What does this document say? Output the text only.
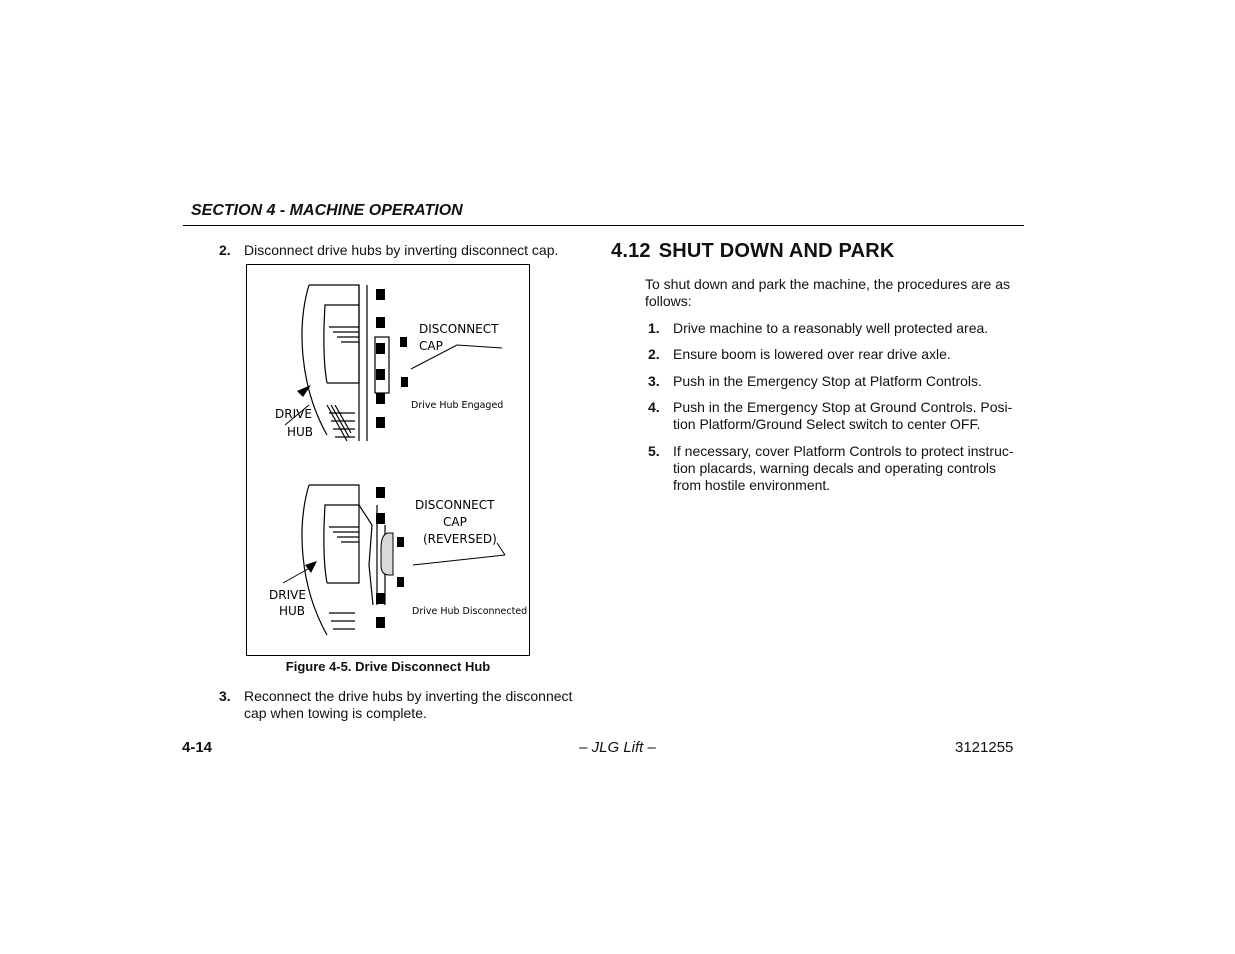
SECTION 4 - MACHINE OPERATION
2. Disconnect drive hubs by inverting disconnect cap.
DISCONNECT
CAP
DRIVE
HUB
Drive Hub Engaged
DISCONNECT
CAP
(REVERSED)
DRIVE
HUB	Drive Hub Disconnected
Figure 4-5. Drive Disconnect Hub
3. Reconnect the drive hubs by inverting the disconnect
cap when towing is complete.
4.12 SHUT DOWN AND PARK
To shut down and park the machine, the procedures are as
follows:
1. Drive machine to a reasonably well protected area.
2. Ensure boom is lowered over rear drive axle.
3. Push in the Emergency Stop at Platform Controls.
4. Push in the Emergency Stop at Ground Controls. Posi-
tion Platform/Ground Select switch to center OFF.
5. If necessary, cover Platform Controls to protect instruc-
tion placards, warning decals and operating controls
from hostile environment.
4-14	– JLG Lift –	3121255
